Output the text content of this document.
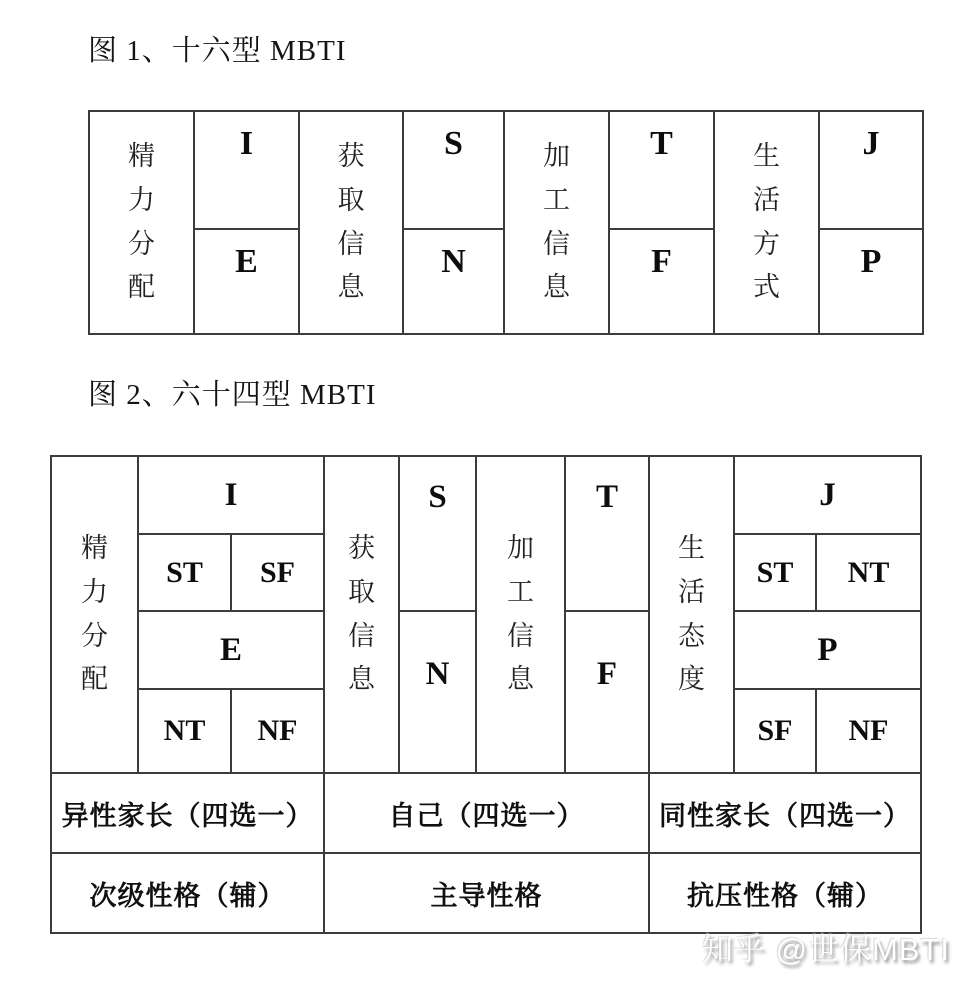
图 1、十六型 MBTI
精力分配	I	获取信息	S	加工信息	T	生活方式	J
	E		N		F		P
图 2、六十四型 MBTI
精力分配	I		获取信息	S	加工信息	T	生活态度	J	
	ST	SF						ST	NT
	E			N		F		P	
	NT	NF						SF	NF
异性家长（四选一）			自己（四选一）				同性家长（四选一）		
次级性格（辅）			主导性格				抗压性格（辅）		
知乎 @世保MBTI
